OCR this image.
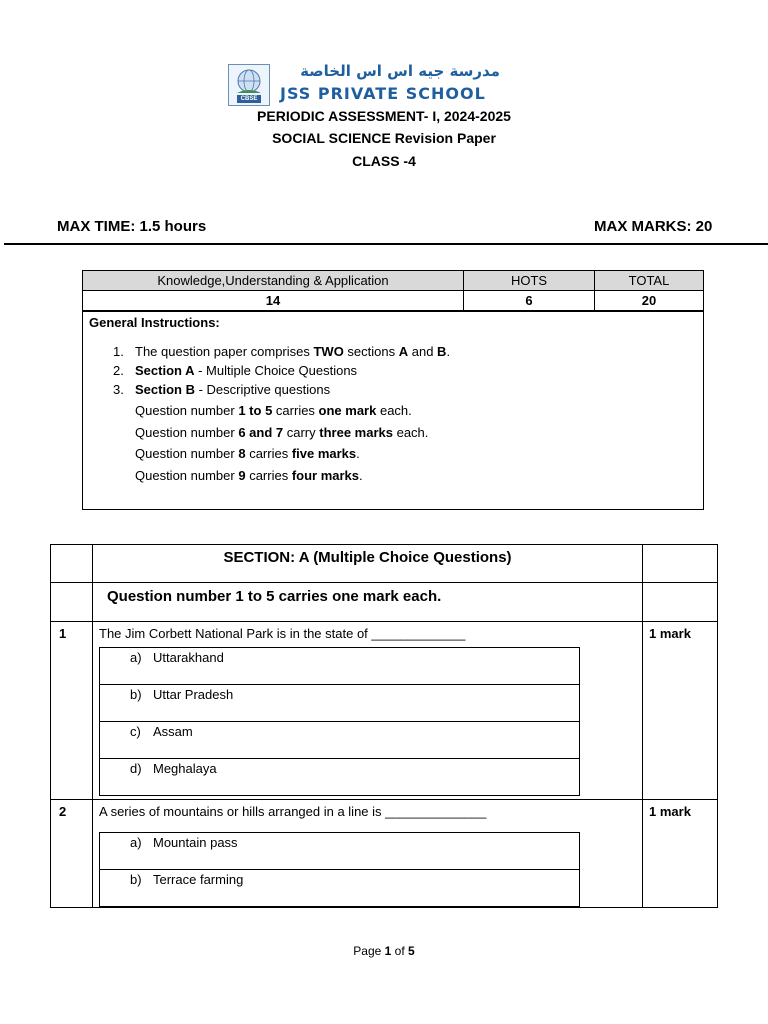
CBSE
مدرسة جيه اس اس الخاصة
JSS PRIVATE SCHOOL
PERIODIC ASSESSMENT- I, 2024-2025
SOCIAL SCIENCE Revision Paper
CLASS -4
MAX TIME: 1.5 hours	MAX MARKS: 20
Knowledge,Understanding & Application	HOTS	TOTAL
14	6	20
General Instructions:
1. The question paper comprises TWO sections A and B.
2. Section A - Multiple Choice Questions
3. Section B - Descriptive questions
Question number 1 to 5 carries one mark each.
Question number 6 and 7 carry three marks each.
Question number 8 carries five marks.
Question number 9 carries four marks.
	SECTION: A (Multiple Choice Questions)	
	Question number 1 to 5 carries one mark each.	
1	The Jim Corbett National Park is in the state of _____________
a) Uttarakhand
b) Uttar Pradesh
c) Assam
d) Meghalaya
	1 mark
2	A series of mountains or hills arranged in a line is ______________
a) Mountain pass
b) Terrace farming
	1 mark
Page 1 of 5
